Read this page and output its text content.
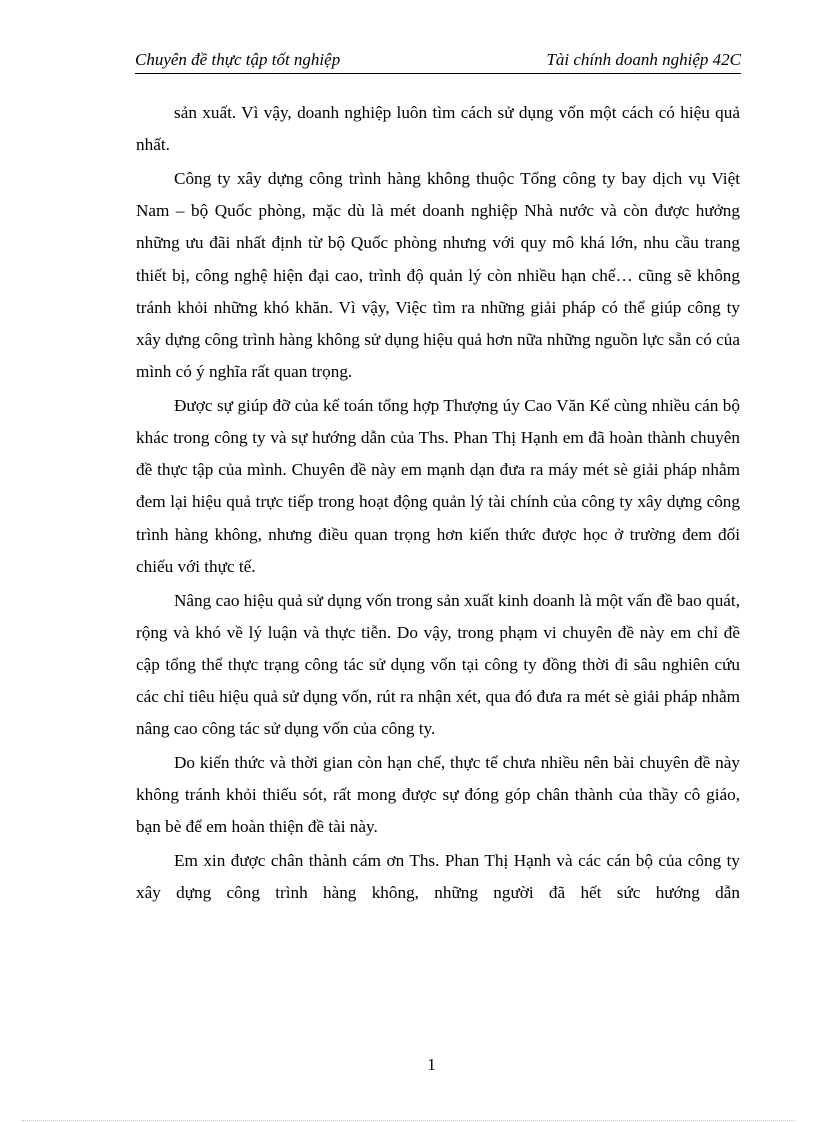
Chuyên đề thực tập tốt nghiệp	Tài chính doanh nghiệp 42C

sản xuất. Vì vậy, doanh nghiệp luôn tìm cách sử dụng vốn một cách có hiệu quả nhất.

Công ty xây dựng công trình hàng không thuộc Tổng công ty bay dịch vụ Việt Nam – bộ Quốc phòng, mặc dù là mét doanh nghiệp Nhà nước và còn được hưởng những ưu đãi nhất định từ bộ Quốc phòng nhưng với quy mô khá lớn, nhu cầu trang thiết bị, công nghệ hiện đại cao, trình độ quản lý còn nhiều hạn chế… cũng sẽ không tránh khỏi những khó khăn. Vì vậy, Việc tìm ra những giải pháp có thể giúp công ty xây dựng công trình hàng không sử dụng hiệu quả hơn nữa những nguồn lực sẵn có của mình có ý nghĩa rất quan trọng.

Được sự giúp đỡ của kế toán tổng hợp Thượng úy Cao Văn Kế cùng nhiều cán bộ khác trong công ty và sự hướng dẫn của Ths. Phan Thị Hạnh em đã hoàn thành chuyên đề thực tập của mình. Chuyên đề này em mạnh dạn đưa ra máy mét sè giải pháp nhằm đem lại hiệu quả trực tiếp trong hoạt động quản lý tài chính của công ty xây dựng công trình hàng không, nhưng điều quan trọng hơn kiến thức được học ở trường đem đối chiếu với thực tế.

Nâng cao hiệu quả sử dụng vốn trong sản xuất kinh doanh là một vấn đề bao quát, rộng và khó về lý luận và thực tiễn. Do vậy, trong phạm vi chuyên đề này em chỉ đề cập tổng thể thực trạng công tác sử dụng vốn tại công ty đồng thời đi sâu nghiên cứu các chỉ tiêu hiệu quả sử dụng vốn, rút ra nhận xét, qua đó đưa ra mét sè giải pháp nhằm nâng cao công tác sử dụng vốn của công ty.

Do kiến thức và thời gian còn hạn chế, thực tế chưa nhiều nên bài chuyên đề này không tránh khỏi thiếu sót, rất mong được sự đóng góp chân thành của thầy cô giáo, bạn bè để em hoàn thiện đề tài này.

Em xin được chân thành cám ơn Ths. Phan Thị Hạnh và các cán bộ của công ty xây dựng công trình hàng không, những người đã hết sức hướng dẫn

1
